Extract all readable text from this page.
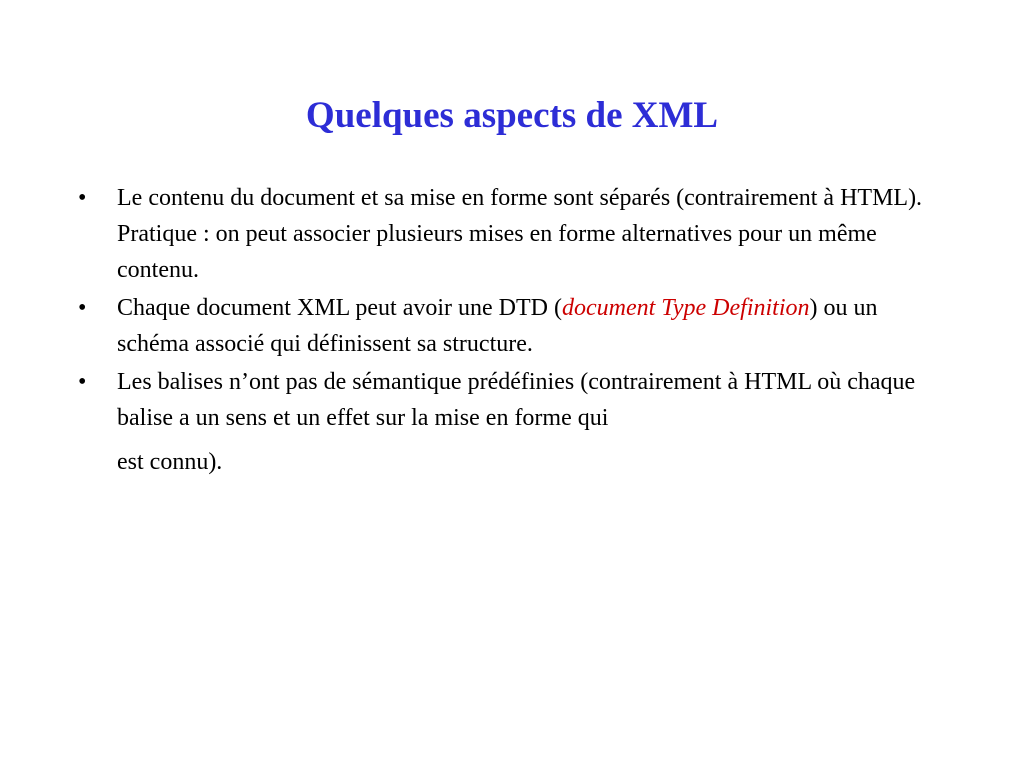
Quelques aspects de XML
• Le contenu du document et sa mise en forme sont séparés (contrairement à HTML). Pratique : on peut associer plusieurs mises en forme alternatives pour un même contenu.
• Chaque document XML peut avoir une DTD (document Type Definition) ou un schéma associé qui définissent sa structure.
• Les balises n’ont pas de sémantique prédéfinies (contrairement à HTML où chaque balise a un sens et un effet sur la mise en forme qui
est connu).
